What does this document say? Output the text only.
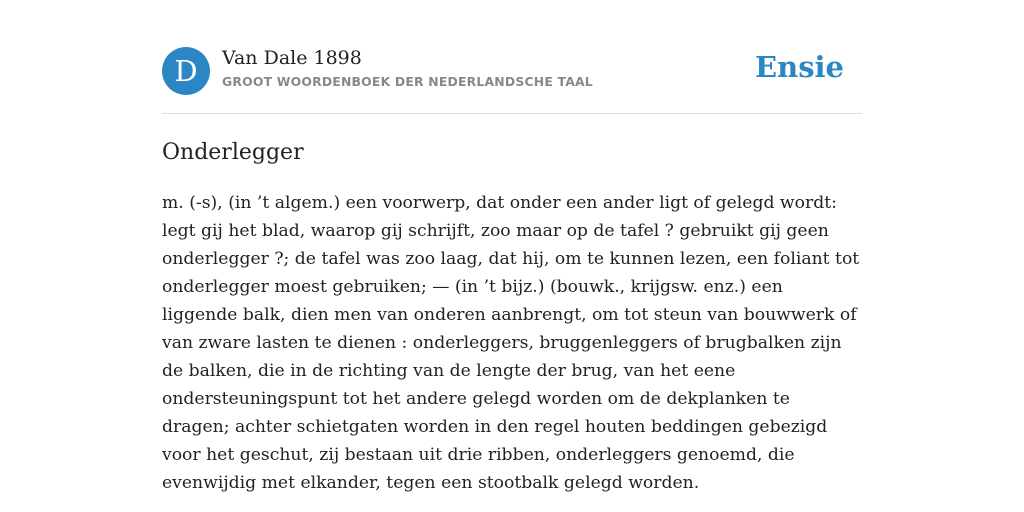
D	Van Dale 1898
GROOT WOORDENBOEK DER NEDERLANDSCHE TAAL	Ensie
Onderlegger

m. (-s), (in ’t algem.) een voorwerp, dat onder een ander ligt of gelegd wordt: legt gij het blad, waarop gij schrijft, zoo maar op de tafel ? gebruikt gij geen onderlegger ?; de tafel was zoo laag, dat hij, om te kunnen lezen, een foliant tot onderlegger moest gebruiken; — (in ’t bijz.) (bouwk., krijgsw. enz.) een liggende balk, dien men van onderen aanbrengt, om tot steun van bouwwerk of van zware lasten te dienen : onderleggers, bruggenleggers of brugbalken zijn de balken, die in de richting van de lengte der brug, van het eene ondersteuningspunt tot het andere gelegd worden om de dekplanken te dragen; achter schietgaten worden in den regel houten beddingen gebezigd voor het geschut, zij bestaan uit drie ribben, onderleggers genoemd, die evenwijdig met elkander, tegen een stootbalk gelegd worden.
